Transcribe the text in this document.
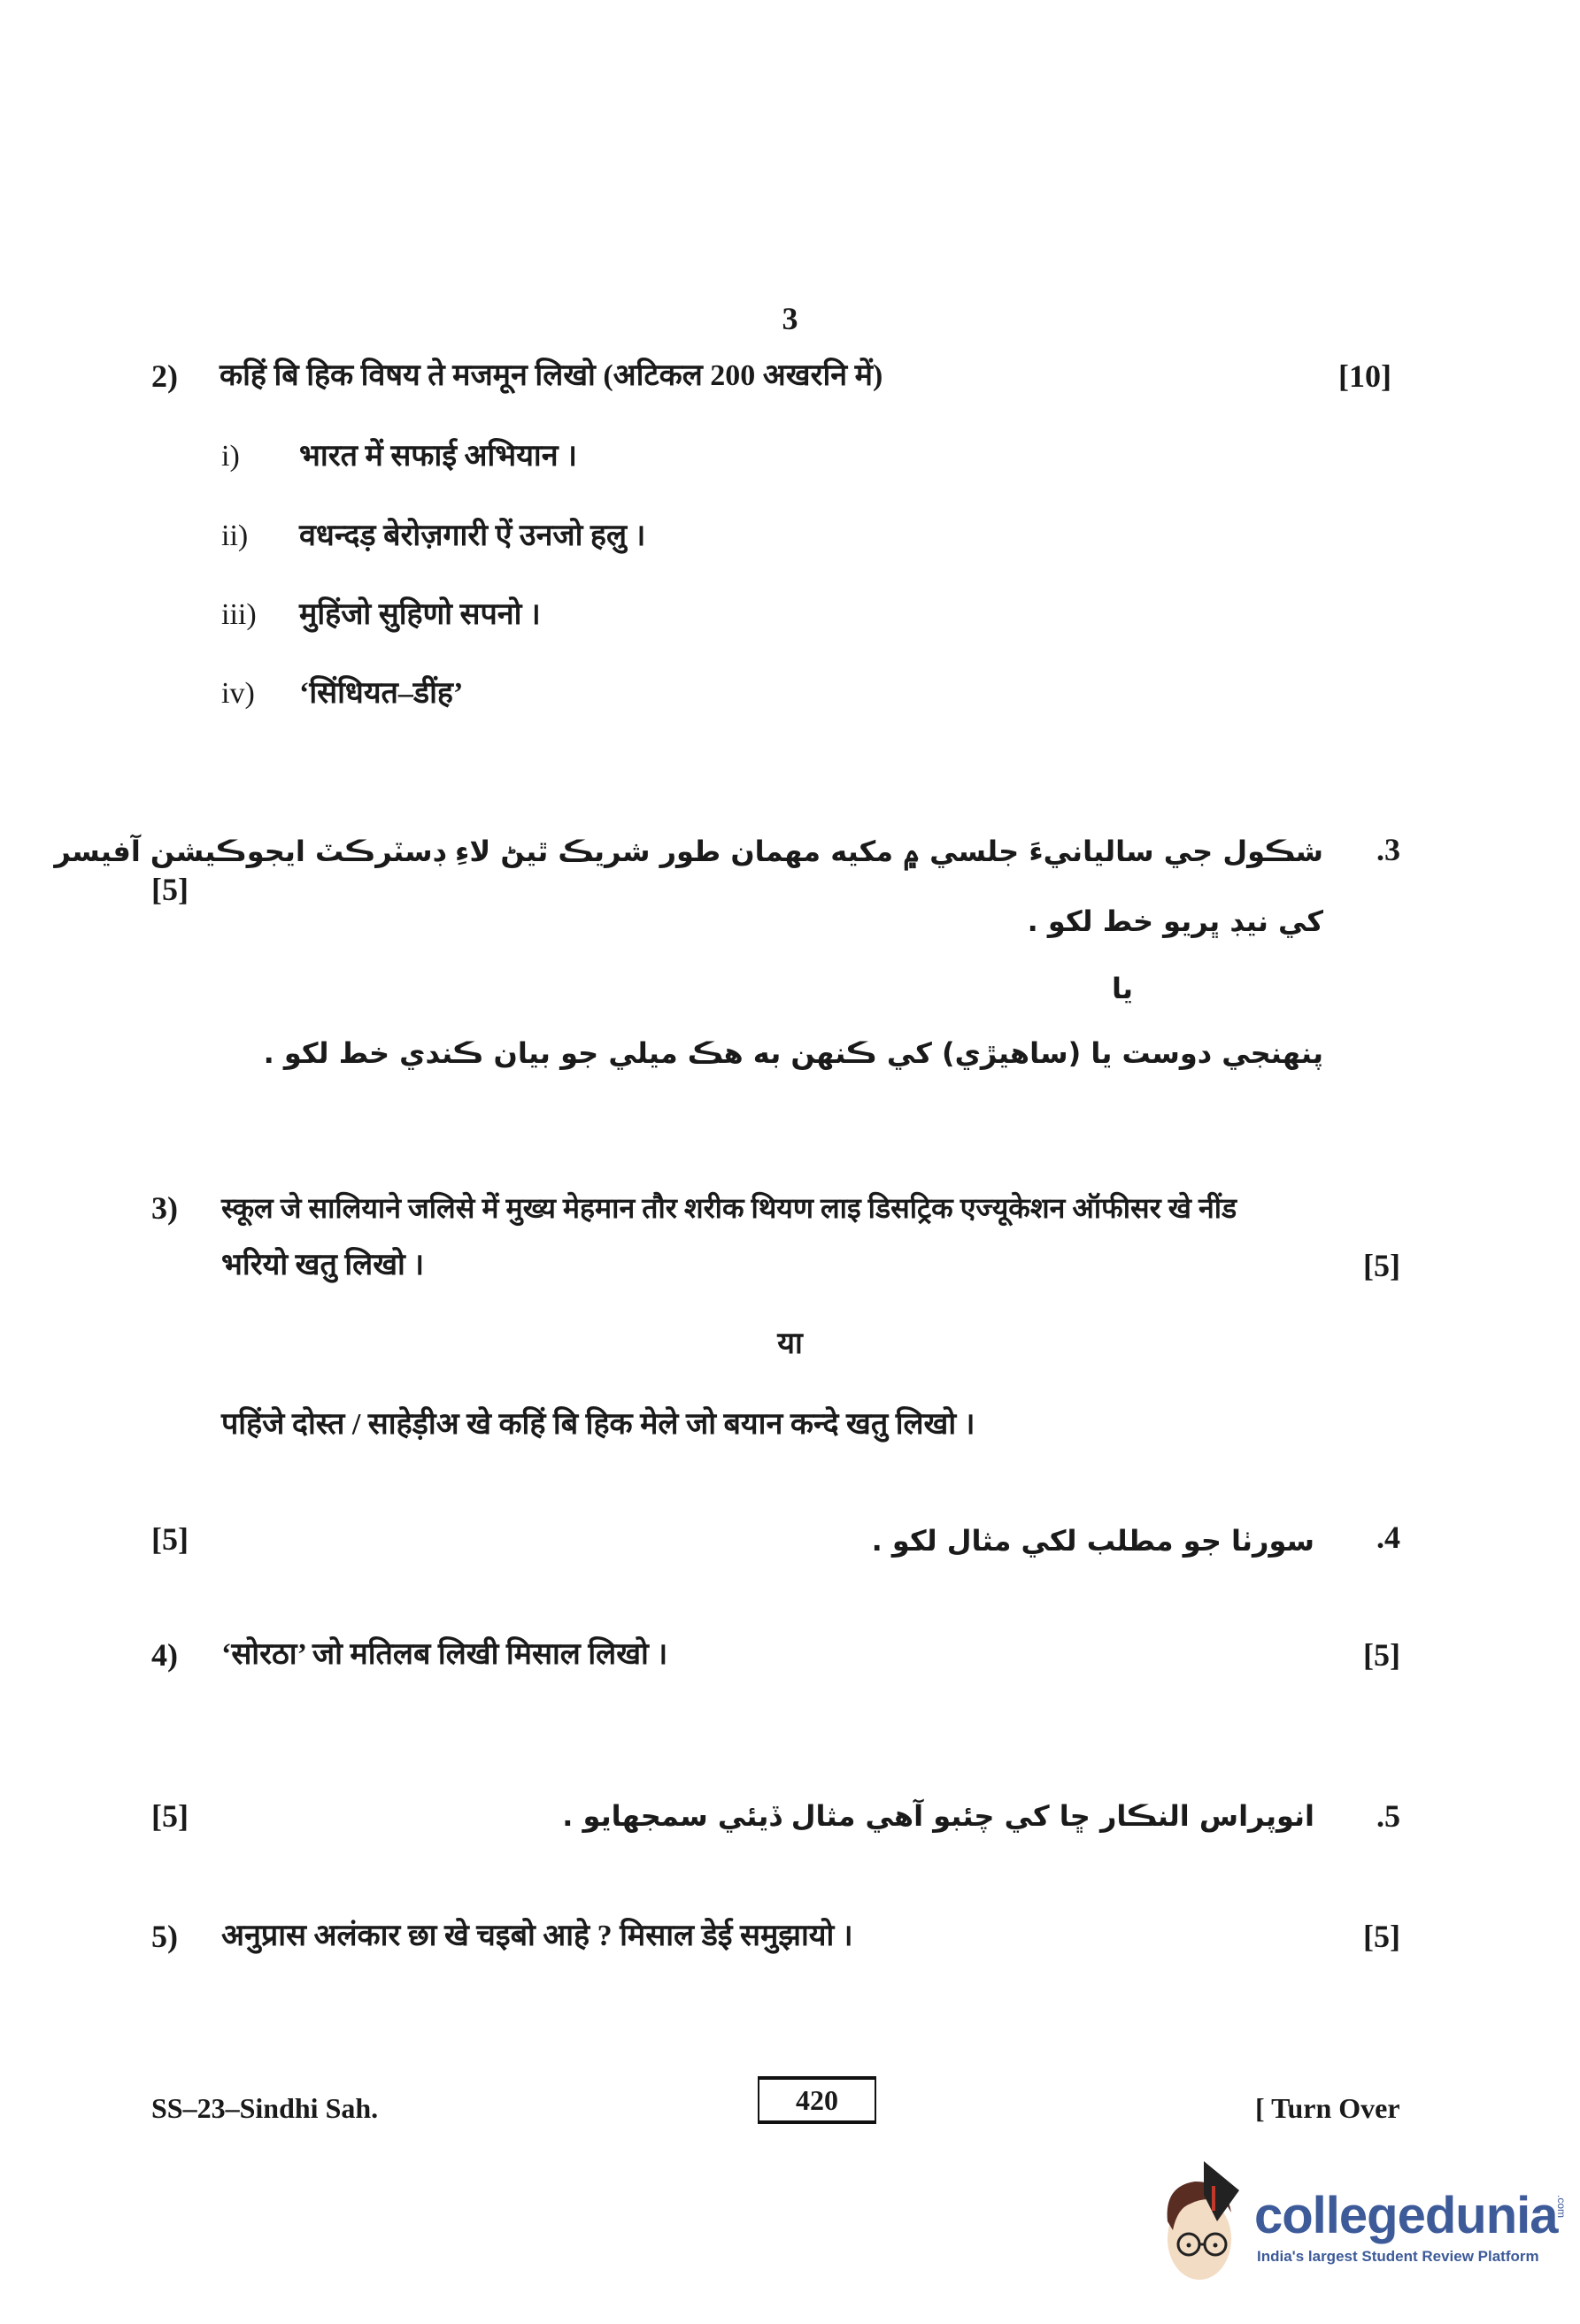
3
2) कहिं बि हिक विषय ते मजमून लिखो (अटिकल 200 अखरनि में)	[10]
i) भारत में सफाई अभियान ।
ii) वधन्दड़ बेरोज़गारी ऐं उनजो हलु ।
iii) मुहिंजो सुहिणो सपनो ।
iv) ‘सिंधियत–डींह’
.3
شڪول جي ساليانيءَ جلسي ۾ مکيه مهمان طور شريڪ ٿيڻ لاءِ ڊسٽرڪٽ ايجوڪيشن آفيسر
[5]
کي نيڊ ڀريو خط لکو .
يا
پنهنجي دوست يا (ساهيڙي) کي ڪنهن به هڪ ميلي جو بيان ڪندي خط لکو .
3) स्कूल जे सालियाने जलिसे में मुख्य मेहमान तौर शरीक थियण लाइ डिसट्रिक एज्यूकेशन ऑफीसर खे नींड
भरियो खतु लिखो ।	[5]
या
पहिंजे दोस्त / साहेड़ीअ खे कहिं बि हिक मेले जो बयान कन्दे खतु लिखो ।
[5]	سورٺا جو مطلب لکي مثال لکو . .4
4) ‘सोरठा’ जो मतिलब लिखी मिसाल लिखो ।	[5]
[5]	انوپراس النڪار ڇا کي چئبو آهي مثال ڏيئي سمجهايو . .5
5) अनुप्रास अलंकार छा खे चइबो आहे ? मिसाल डेई समुझायो ।	[5]
SS–23–Sindhi Sah.	420	[ Turn Over
collegedunia
.com
India's largest Student Review Platform
